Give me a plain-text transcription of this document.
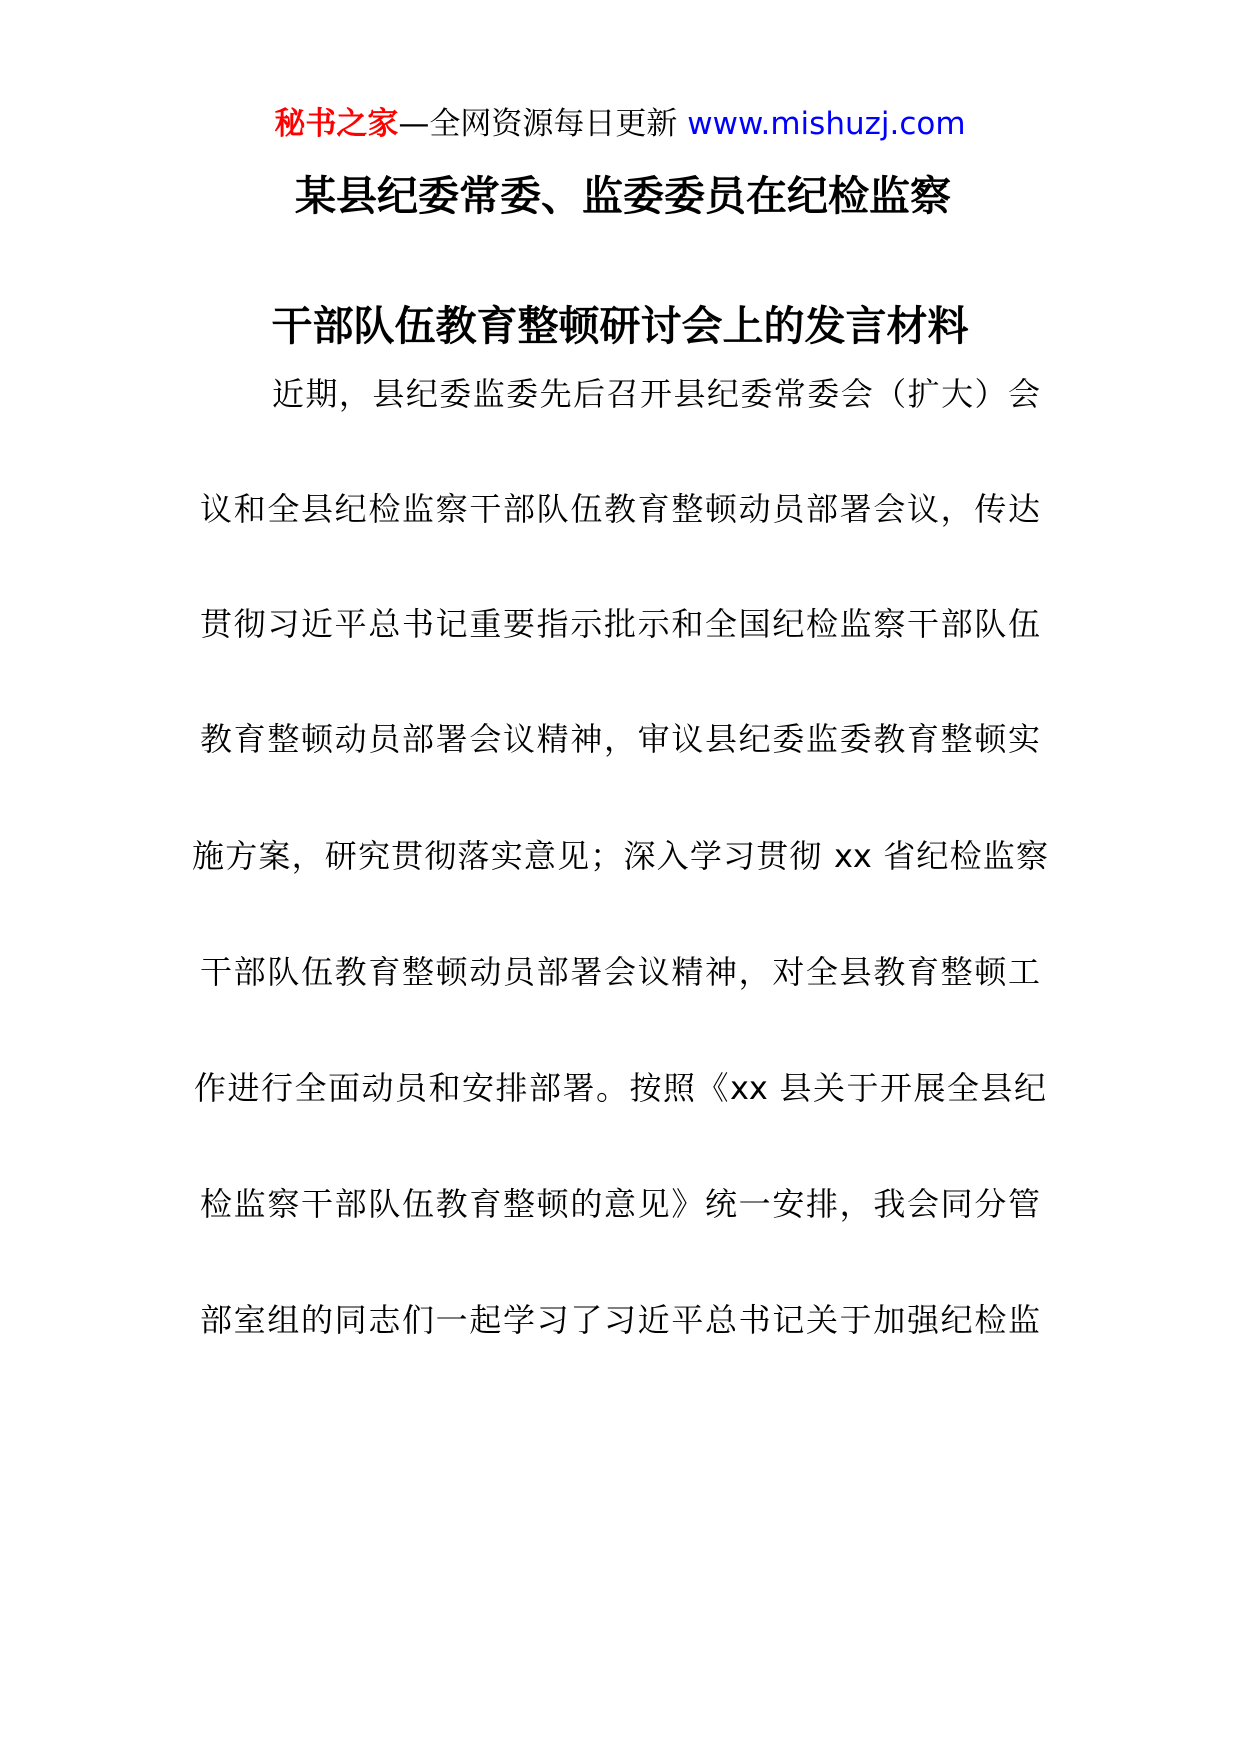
秘书之家—全网资源每日更新 www.mishuzj.com
某县纪委常委、监委委员在纪检监察
干部队伍教育整顿研讨会上的发言材料
近期，县纪委监委先后召开县纪委常委会（扩大）会
议和全县纪检监察干部队伍教育整顿动员部署会议，传达
贯彻习近平总书记重要指示批示和全国纪检监察干部队伍
教育整顿动员部署会议精神，审议县纪委监委教育整顿实
施方案，研究贯彻落实意见；深入学习贯彻 xx 省纪检监察
干部队伍教育整顿动员部署会议精神，对全县教育整顿工
作进行全面动员和安排部署。按照《xx 县关于开展全县纪
检监察干部队伍教育整顿的意见》统一安排，我会同分管
部室组的同志们一起学习了习近平总书记关于加强纪检监
